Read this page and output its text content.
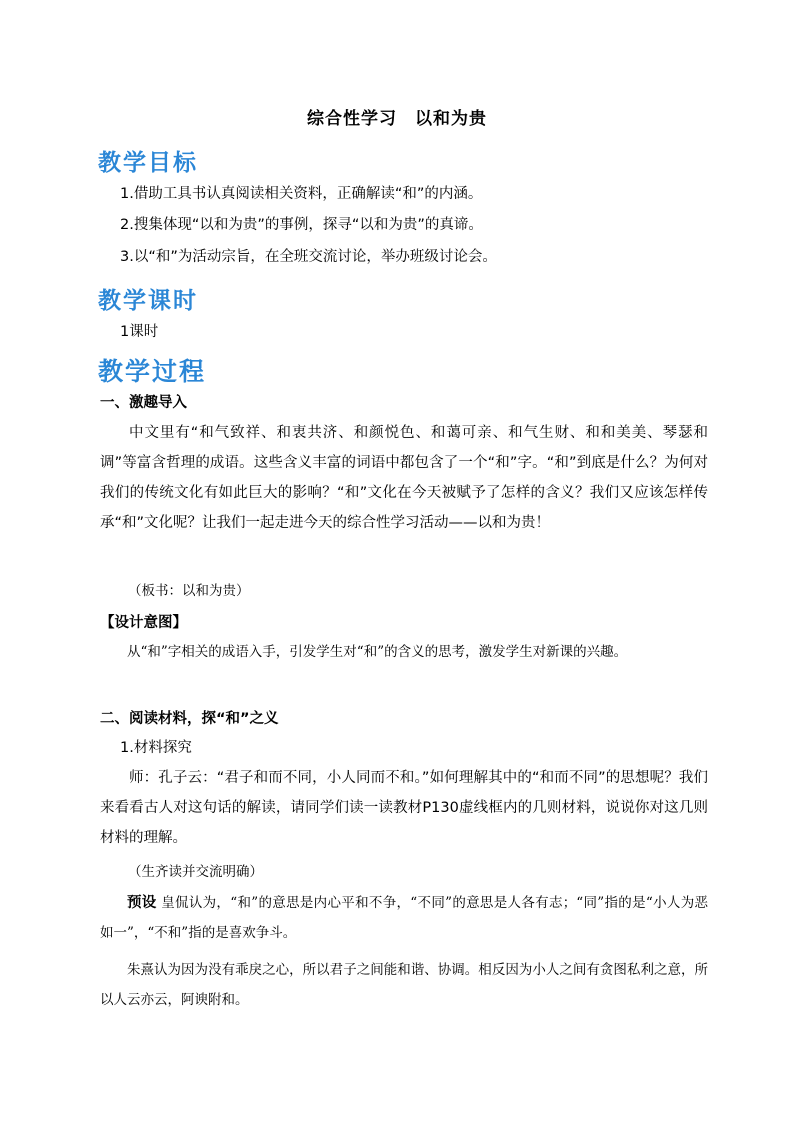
综合性学习　以和为贵
教学目标
1.借助工具书认真阅读相关资料，正确解读“和”的内涵。
2.搜集体现“以和为贵”的事例，探寻“以和为贵”的真谛。
3.以“和”为活动宗旨，在全班交流讨论，举办班级讨论会。
教学课时
1课时
教学过程
一、激趣导入
中文里有“和气致祥、和衷共济、和颜悦色、和蔼可亲、和气生财、和和美美、琴瑟和调”等富含哲理的成语。这些含义丰富的词语中都包含了一个“和”字。“和”到底是什么？为何对我们的传统文化有如此巨大的影响？“和”文化在今天被赋予了怎样的含义？我们又应该怎样传承“和”文化呢？让我们一起走进今天的综合性学习活动——以和为贵！
（板书：以和为贵）
【设计意图】
从“和”字相关的成语入手，引发学生对“和”的含义的思考，激发学生对新课的兴趣。
二、阅读材料，探“和”之义
1.材料探究
师：孔子云：“君子和而不同，小人同而不和。”如何理解其中的“和而不同”的思想呢？我们来看看古人对这句话的解读，请同学们读一读教材P130虚线框内的几则材料，说说你对这几则材料的理解。
（生齐读并交流明确）
预设 皇侃认为，“和”的意思是内心平和不争，“不同”的意思是人各有志；“同”指的是“小人为恶如一”，“不和”指的是喜欢争斗。
朱熹认为因为没有乖戾之心，所以君子之间能和谐、协调。相反因为小人之间有贪图私利之意，所以人云亦云，阿谀附和。
